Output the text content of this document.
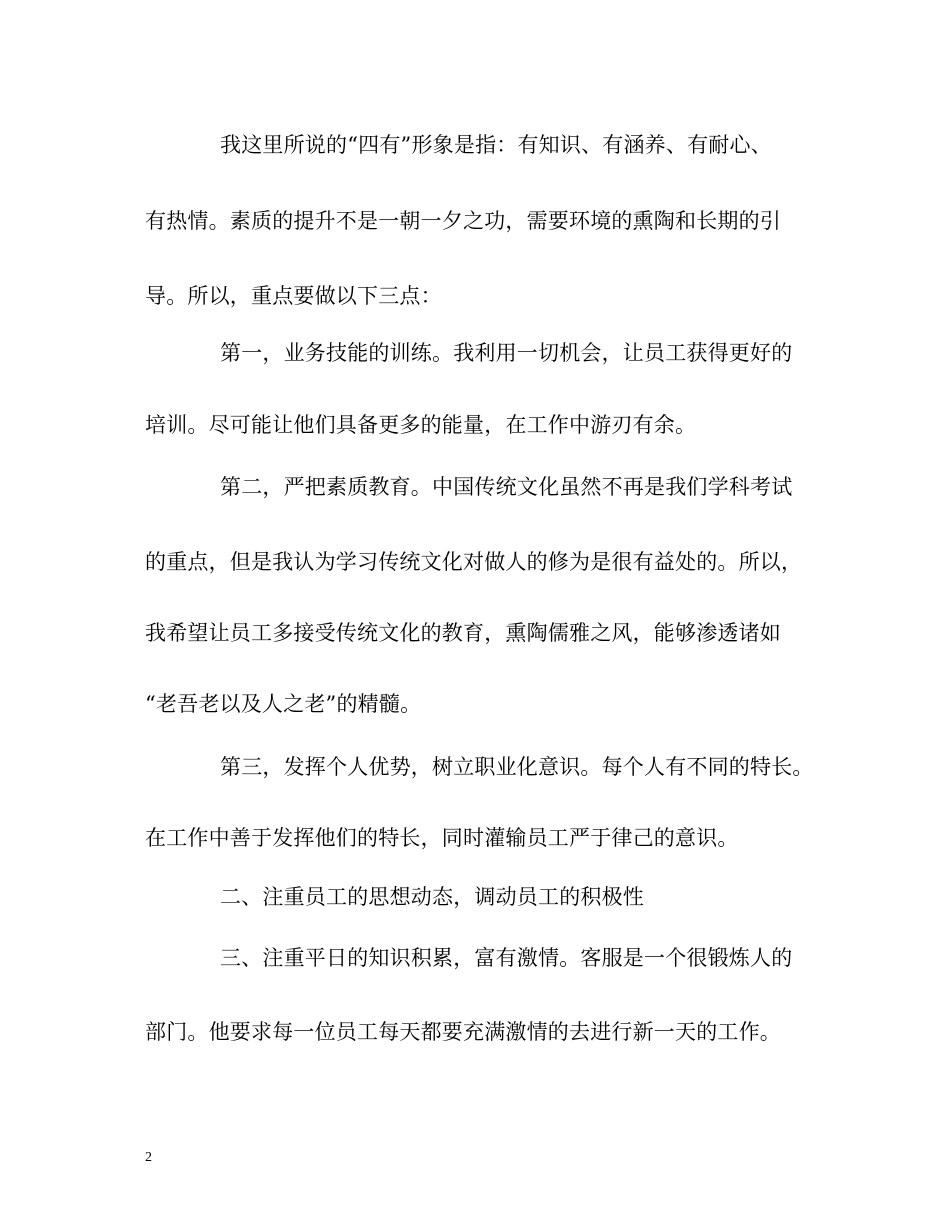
我这里所说的“四有”形象是指：有知识、有涵养、有耐心、
有热情。素质的提升不是一朝一夕之功，需要环境的熏陶和长期的引
导。所以，重点要做以下三点：
第一，业务技能的训练。我利用一切机会，让员工获得更好的
培训。尽可能让他们具备更多的能量，在工作中游刃有余。
第二，严把素质教育。中国传统文化虽然不再是我们学科考试
的重点，但是我认为学习传统文化对做人的修为是很有益处的。所以，
我希望让员工多接受传统文化的教育，熏陶儒雅之风，能够渗透诸如
“老吾老以及人之老”的精髓。
第三，发挥个人优势，树立职业化意识。每个人有不同的特长。
在工作中善于发挥他们的特长，同时灌输员工严于律己的意识。
二、注重员工的思想动态，调动员工的积极性
三、注重平日的知识积累，富有激情。客服是一个很锻炼人的
部门。他要求每一位员工每天都要充满激情的去进行新一天的工作。
2
